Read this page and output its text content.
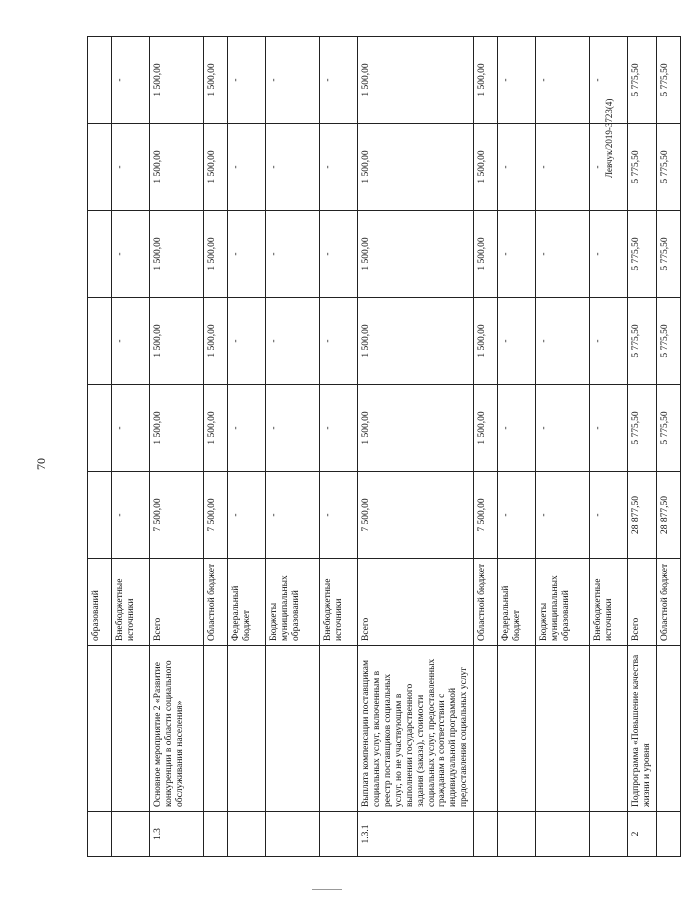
70
Левчук/2019-3723(4)
		образований						
		Внебюджетные источники	-	-	-	-	-	-
1.3	Основное мероприятие 2 «Развитие конкуренции в области социального обслуживания населения»	Всего	7 500,00	1 500,00	1 500,00	1 500,00	1 500,00	1 500,00
		Областной бюджет	7 500,00	1 500,00	1 500,00	1 500,00	1 500,00	1 500,00
		Федеральный бюджет	-	-	-	-	-	-
		Бюджеты муниципальных образований	-	-	-	-	-	-
		Внебюджетные источники	-	-	-	-	-	-
1.3.1	Выплата компенсации поставщикам социальных услуг, включенным в реестр поставщиков социальных услуг, но не участвующим в выполнении государственного задания (заказа), стоимости социальных услуг, предоставленных гражданам в соответствии с индивидуальной программой предоставления социальных услуг	Всего	7 500,00	1 500,00	1 500,00	1 500,00	1 500,00	1 500,00
		Областной бюджет	7 500,00	1 500,00	1 500,00	1 500,00	1 500,00	1 500,00
		Федеральный бюджет	-	-	-	-	-	-
		Бюджеты муниципальных образований	-	-	-	-	-	-
		Внебюджетные источники	-	-	-	-	-	-
2	Подпрограмма «Повышение качества жизни и уровня	Всего	28 877,50	5 775,50	5 775,50	5 775,50	5 775,50	5 775,50
		Областной бюджет	28 877,50	5 775,50	5 775,50	5 775,50	5 775,50	5 775,50
